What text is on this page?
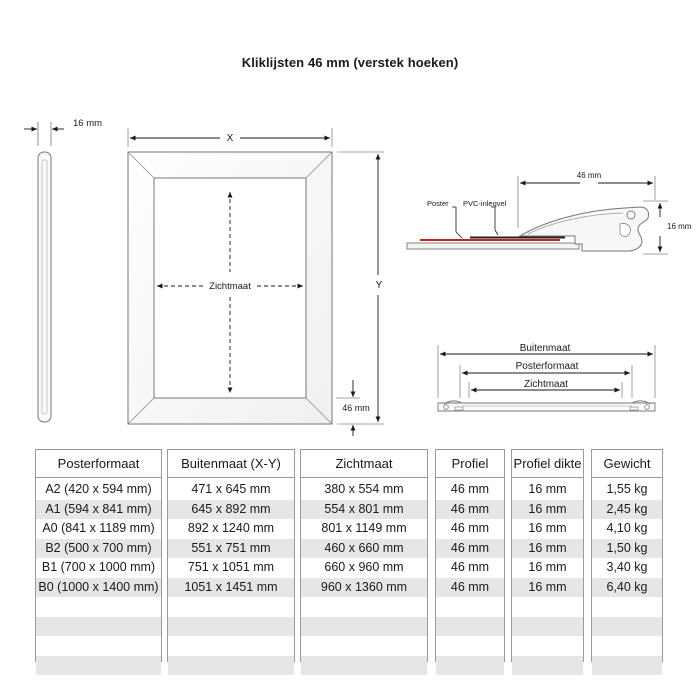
Kliklijsten 46 mm (verstek hoeken)
16 mm
X
Y
Zichtmaat
46 mm
46 mm
16 mm
Poster PVC-inlegvel
Buitenmaat
Posterformaat
Zichtmaat
Posterformaat
A2 (420 x 594 mm)
A1 (594 x 841 mm)
A0 (841 x 1189 mm)
B2 (500 x 700 mm)
B1 (700 x 1000 mm)
B0 (1000 x 1400 mm)
Buitenmaat (X-Y)
471 x 645 mm
645 x 892 mm
892 x 1240 mm
551 x 751 mm
751 x 1051 mm
1051 x 1451 mm
Zichtmaat
380 x 554 mm
554 x 801 mm
801 x 1149 mm
460 x 660 mm
660 x 960 mm
960 x 1360 mm
Profiel
46 mm
46 mm
46 mm
46 mm
46 mm
46 mm
Profiel dikte
16 mm
16 mm
16 mm
16 mm
16 mm
16 mm
Gewicht
1,55 kg
2,45 kg
4,10 kg
1,50 kg
3,40 kg
6,40 kg
